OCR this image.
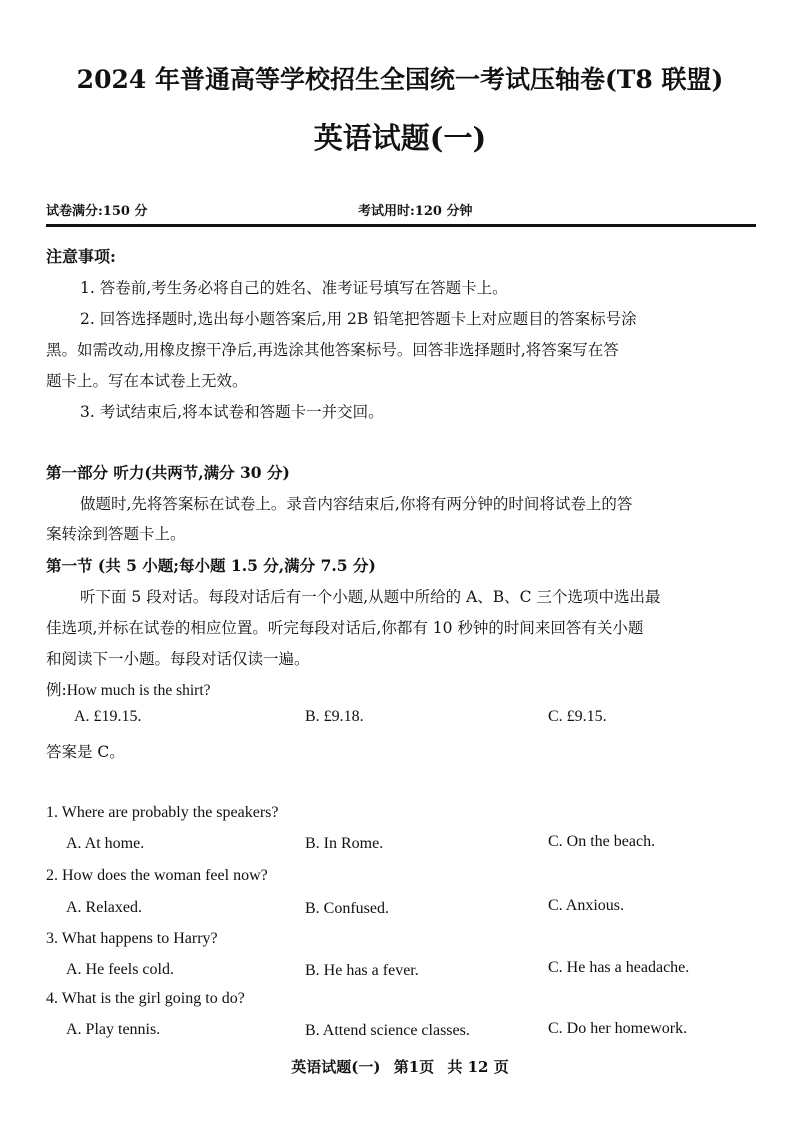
2024 年普通高等学校招生全国统一考试压轴卷(T8 联盟)
英语试题(一)
试卷满分:150 分	考试用时:120 分钟
注意事项:
1. 答卷前,考生务必将自己的姓名、准考证号填写在答题卡上。
2. 回答选择题时,选出每小题答案后,用 2B 铅笔把答题卡上对应题目的答案标号涂
黑。如需改动,用橡皮擦干净后,再选涂其他答案标号。回答非选择题时,将答案写在答
题卡上。写在本试卷上无效。
3. 考试结束后,将本试卷和答题卡一并交回。
第一部分 听力(共两节,满分 30 分)
做题时,先将答案标在试卷上。录音内容结束后,你将有两分钟的时间将试卷上的答
案转涂到答题卡上。
第一节 (共 5 小题;每小题 1.5 分,满分 7.5 分)
听下面 5 段对话。每段对话后有一个小题,从题中所给的 A、B、C 三个选项中选出最
佳选项,并标在试卷的相应位置。听完每段对话后,你都有 10 秒钟的时间来回答有关小题
和阅读下一小题。每段对话仅读一遍。
例:How much is the shirt?
A. £19.15.	B. £9.18.	C. £9.15.
答案是 C。
1. Where are probably the speakers?
A. At home.	B. In Rome.	C. On the beach.
2. How does the woman feel now?
A. Relaxed.	B. Confused.	C. Anxious.
3. What happens to Harry?
A. He feels cold.	B. He has a fever.	C. He has a headache.
4. What is the girl going to do?
A. Play tennis.	B. Attend science classes.	C. Do her homework.
英语试题(一) 第1页 共 12 页
